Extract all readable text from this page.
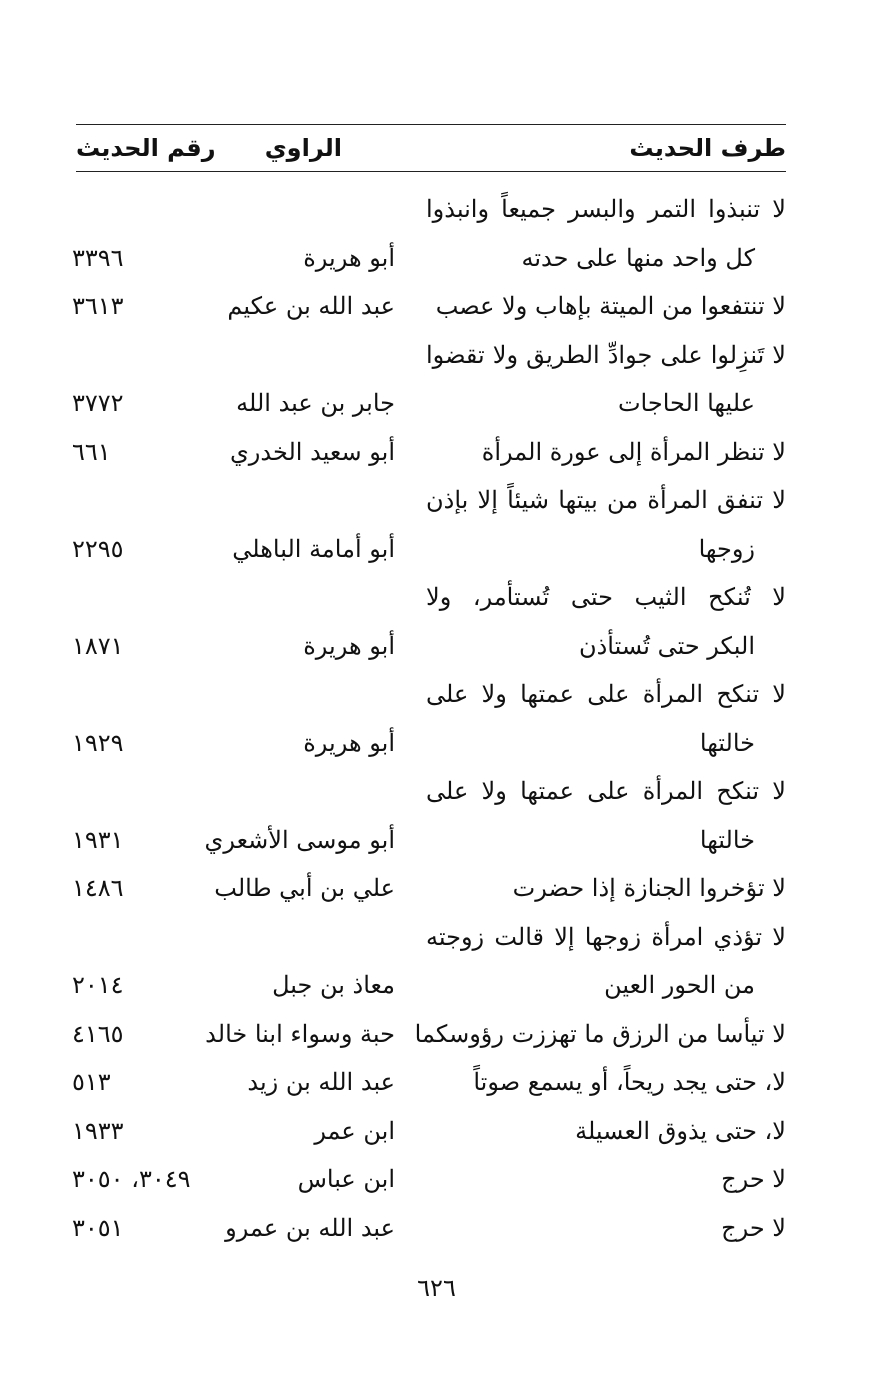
طرف الحديث
الراوي
رقم الحديث
لا تنبذوا التمر والبسر جميعاً وانبذوا
كل واحد منها على حدته
أبو هريرة
٣٣٩٦
لا تنتفعوا من الميتة بإهاب ولا عصب
عبد الله بن عكيم
٣٦١٣
لا تَنزِلوا على جوادِّ الطريق ولا تقضوا
عليها الحاجات
جابر بن عبد الله
٣٧٧٢
لا تنظر المرأة إلى عورة المرأة
أبو سعيد الخدري
٦٦١
لا تنفق المرأة من بيتها شيئاً إلا بإذن
زوجها
أبو أمامة الباهلي
٢٢٩٥
لا تُنكح الثيب حتى تُستأمر، ولا
البكر حتى تُستأذن
أبو هريرة
١٨٧١
لا تنكح المرأة على عمتها ولا على
خالتها
أبو هريرة
١٩٢٩
لا تنكح المرأة على عمتها ولا على
خالتها
أبو موسى الأشعري
١٩٣١
لا تؤخروا الجنازة إذا حضرت
علي بن أبي طالب
١٤٨٦
لا تؤذي امرأة زوجها إلا قالت زوجته
من الحور العين
معاذ بن جبل
٢٠١٤
لا تيأسا من الرزق ما تهززت رؤوسكما
حبة وسواء ابنا خالد
٤١٦٥
لا، حتى يجد ريحاً، أو يسمع صوتاً
عبد الله بن زيد
٥١٣
لا، حتى يذوق العسيلة
ابن عمر
١٩٣٣
لا حرج
ابن عباس
٣٠٤٩، ٣٠٥٠
لا حرج
عبد الله بن عمرو
٣٠٥١
٦٢٦
